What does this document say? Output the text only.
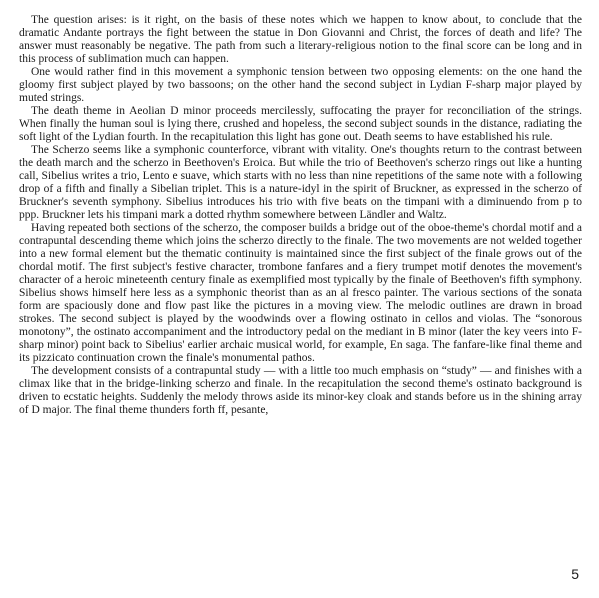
The question arises: is it right, on the basis of these notes which we happen to know about, to conclude that the dramatic Andante portrays the fight between the statue in Don Giovanni and Christ, the forces of death and life? The answer must reasonably be negative. The path from such a literary-religious notion to the final score can be long and in this process of sublimation much can happen.

One would rather find in this movement a symphonic tension between two opposing elements: on the one hand the gloomy first subject played by two bassoons; on the other hand the second subject in Lydian F-sharp major played by muted strings.

The death theme in Aeolian D minor proceeds mercilessly, suffocating the prayer for reconciliation of the strings. When finally the human soul is lying there, crushed and hopeless, the second subject sounds in the distance, radiating the soft light of the Lydian fourth. In the recapitulation this light has gone out. Death seems to have established his rule.

The Scherzo seems like a symphonic counterforce, vibrant with vitality. One's thoughts return to the contrast between the death march and the scherzo in Beethoven's Eroica. But while the trio of Beethoven's scherzo rings out like a hunting call, Sibelius writes a trio, Lento e suave, which starts with no less than nine repetitions of the same note with a following drop of a fifth and finally a Sibelian triplet. This is a nature-idyl in the spirit of Bruckner, as expressed in the scherzo of Bruckner's seventh symphony. Sibelius introduces his trio with five beats on the timpani with a diminuendo from p to ppp. Bruckner lets his timpani mark a dotted rhythm somewhere between Ländler and Waltz.

Having repeated both sections of the scherzo, the composer builds a bridge out of the oboe-theme's chordal motif and a contrapuntal descending theme which joins the scherzo directly to the finale. The two movements are not welded together into a new formal element but the thematic continuity is maintained since the first subject of the finale grows out of the chordal motif. The first subject's festive character, trombone fanfares and a fiery trumpet motif denotes the movement's character of a heroic mineteenth century finale as exemplified most typically by the finale of Beethoven's fifth symphony. Sibelius shows himself here less as a symphonic theorist than as an al fresco painter. The various sections of the sonata form are spaciously done and flow past like the pictures in a moving view. The melodic outlines are drawn in broad strokes. The second subject is played by the woodwinds over a flowing ostinato in cellos and violas. The “sonorous monotony”, the ostinato accompaniment and the introductory pedal on the mediant in B minor (later the key veers into F-sharp minor) point back to Sibelius' earlier archaic musical world, for example, En saga. The fanfare-like final theme and its pizzicato continuation crown the finale's monumental pathos.

The development consists of a contrapuntal study — with a little too much emphasis on “study” — and finishes with a climax like that in the bridge-linking scherzo and finale. In the recapitulation the second theme's ostinato background is driven to ecstatic heights. Suddenly the melody throws aside its minor-key cloak and stands before us in the shining array of D major. The final theme thunders forth ff, pesante,

5
